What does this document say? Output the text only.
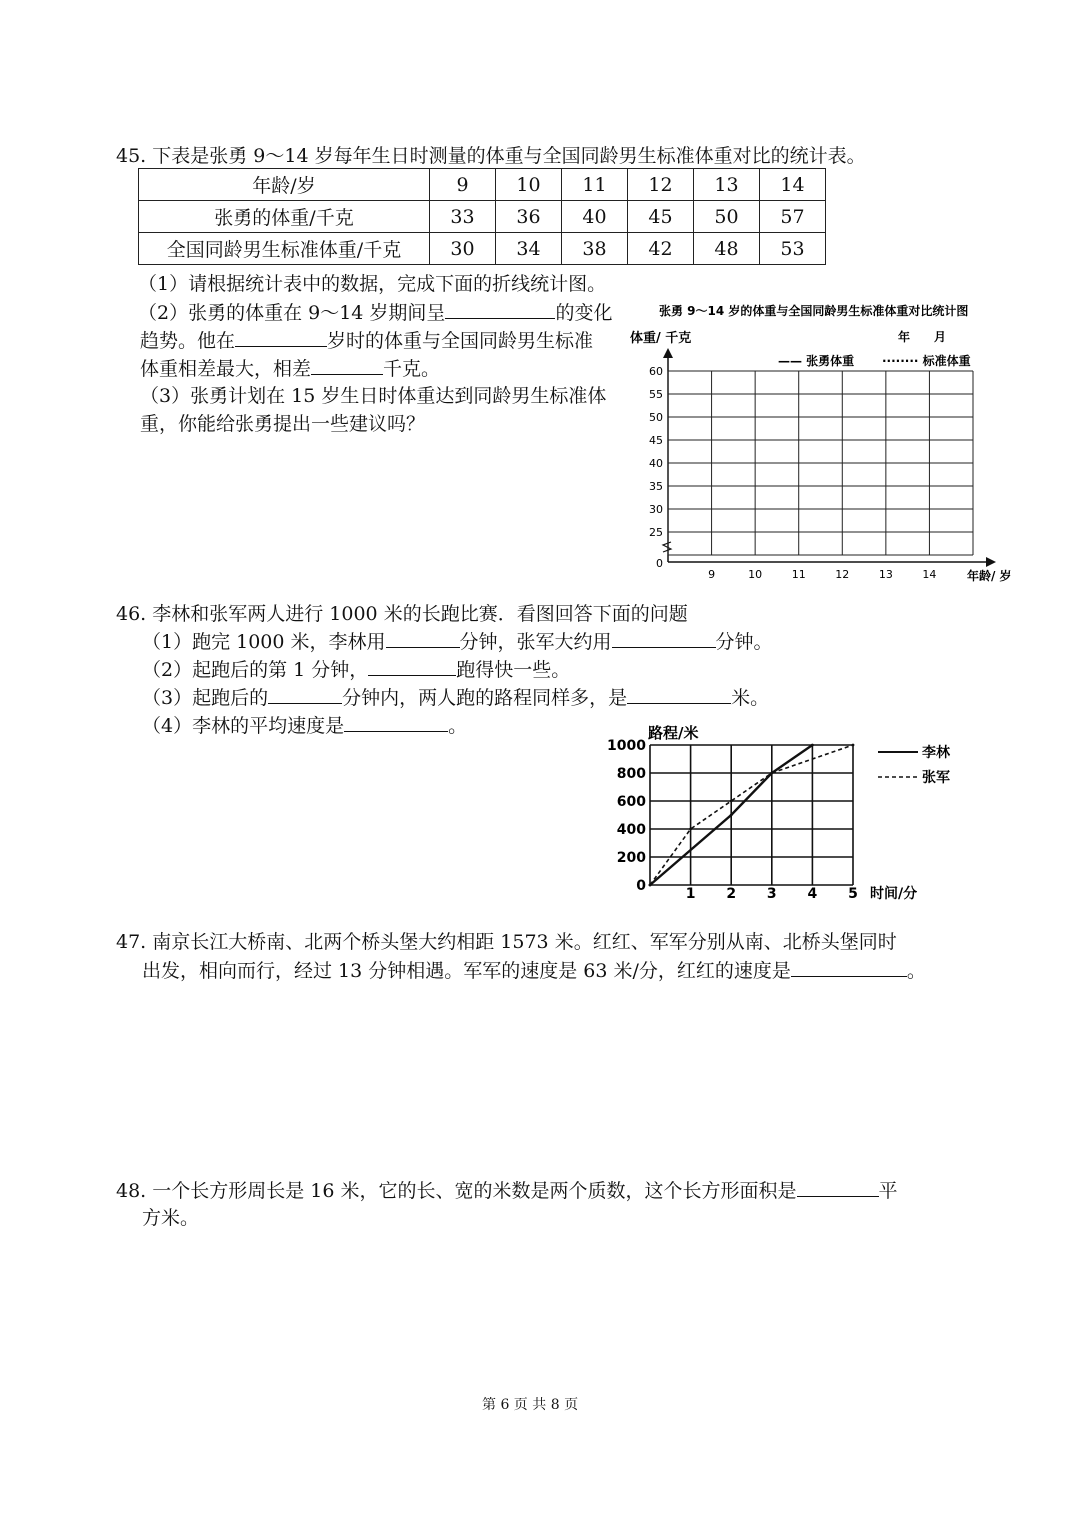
45. 下表是张勇 9～14 岁每年生日时测量的体重与全国同龄男生标准体重对比的统计表。
年龄/岁	9	10	11	12	13	14
张勇的体重/千克	33	36	40	45	50	57
全国同龄男生标准体重/千克	30	34	38	42	48	53
（1）请根据统计表中的数据，完成下面的折线统计图。
（2）张勇的体重在 9～14 岁期间呈	的变化
趋势。他在	岁时的体重与全国同龄男生标准
体重相差最大，相差	千克。
（3）张勇计划在 15 岁生日时体重达到同龄男生标准体
重，你能给张勇提出一些建议吗？
张勇 9～14 岁的体重与全国同龄男生标准体重对比统计图
体重/ 千克	年　　月
—— 张勇体重 ········ 标准体重
60
55
50
45
40
35
30
25
0
9	10	11	12	13	14	年龄/ 岁
46. 李林和张军两人进行 1000 米的长跑比赛．看图回答下面的问题
（1）跑完 1000 米，李林用	分钟，张军大约用	分钟。
（2）起跑后的第 1 分钟，	跑得快一些。
（3）起跑后的	分钟内，两人跑的路程同样多，是	米。
（4）李林的平均速度是	。	路程/米
1000
800
600
400
200
0	1 2 3 4 5 时间/分
李林
张军
47. 南京长江大桥南、北两个桥头堡大约相距 1573 米。红红、军军分别从南、北桥头堡同时
出发，相向而行，经过 13 分钟相遇。军军的速度是 63 米/分，红红的速度是	。
48. 一个长方形周长是 16 米，它的长、宽的米数是两个质数，这个长方形面积是	平
方米。
第 6 页 共 8 页
